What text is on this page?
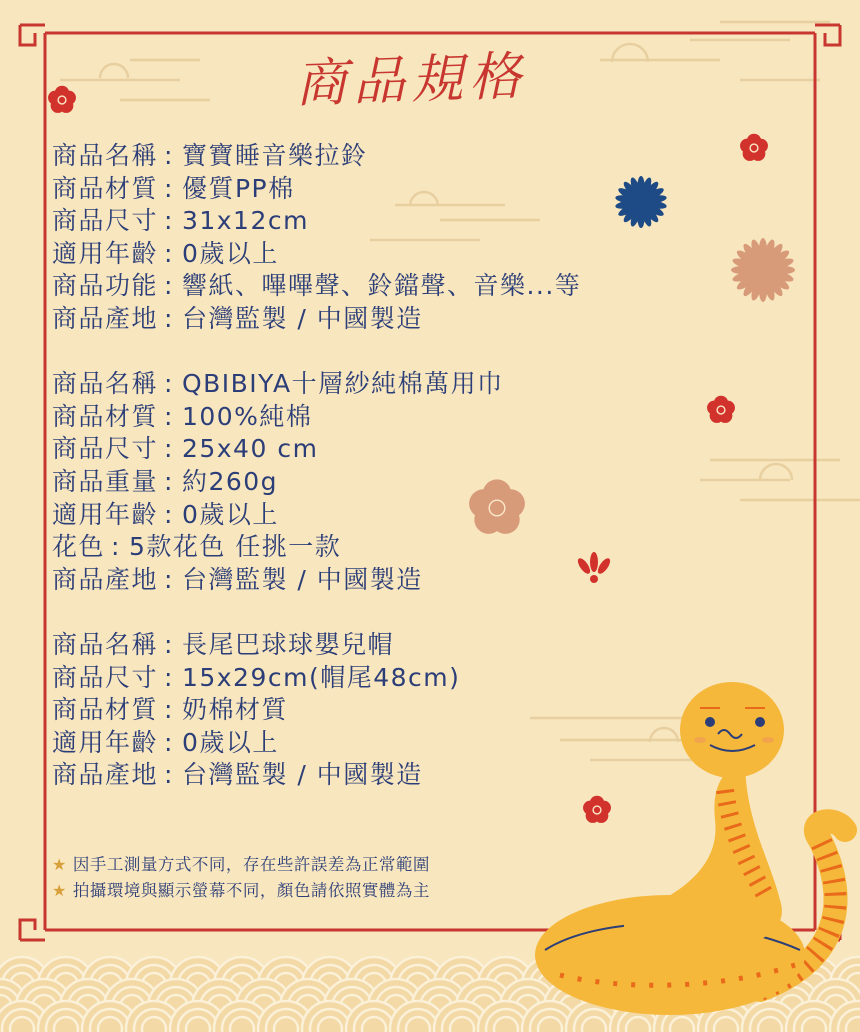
商品規格
商品名稱 : 寶寶睡音樂拉鈴
商品材質 : 優質PP棉
商品尺寸 : 31x12cm
適用年齡 : 0歲以上
商品功能 : 響紙、嗶嗶聲、鈴鐺聲、音樂...等
商品產地 : 台灣監製 / 中國製造
商品名稱 : QBIBIYA十層紗純棉萬用巾
商品材質 : 100%純棉
商品尺寸 : 25x40 cm
商品重量 : 約260g
適用年齡 : 0歲以上
花色 : 5款花色 任挑一款
商品產地 : 台灣監製 / 中國製造
商品名稱 : 長尾巴球球嬰兒帽
商品尺寸 : 15x29cm(帽尾48cm)
商品材質 : 奶棉材質
適用年齡 : 0歲以上
商品產地 : 台灣監製 / 中國製造
★ 因手工測量方式不同，存在些許誤差為正常範圍
★ 拍攝環境與顯示螢幕不同，顏色請依照實體為主
